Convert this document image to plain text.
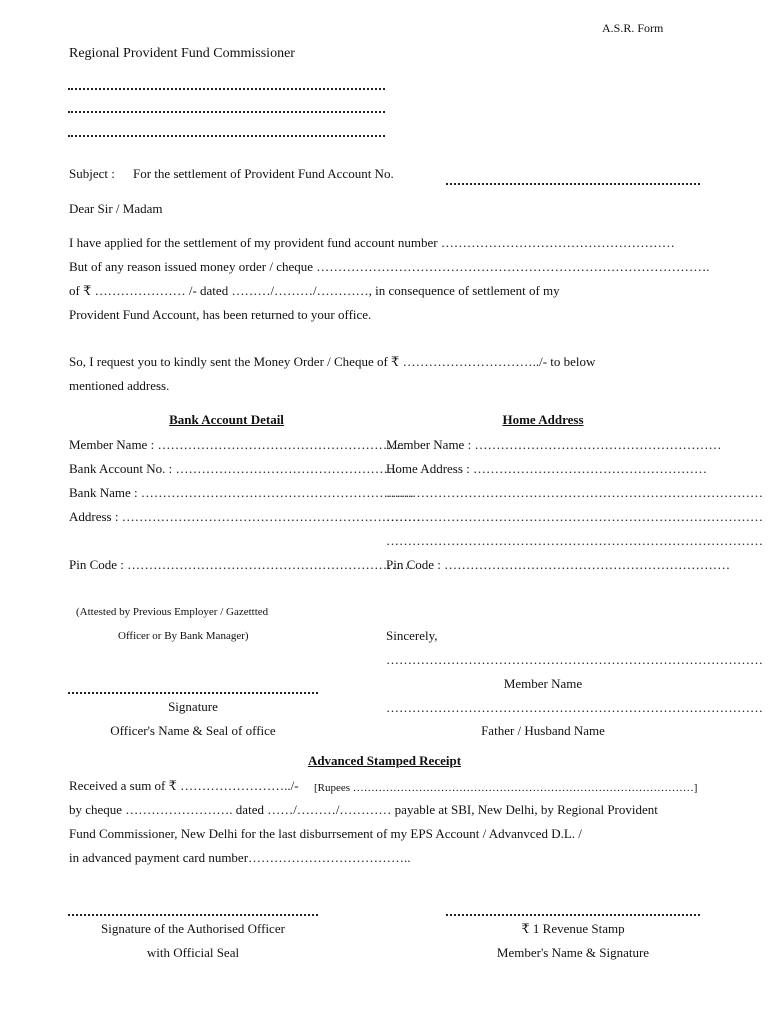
A.S.R. Form
Regional Provident Fund Commissioner
Subject : For the settlement of Provident Fund Account No.
Dear Sir / Madam
I have applied for the settlement of my provident fund account number ………………………………………………
But of any reason issued money order / cheque ……………………………………………………………………………….
of ₹ ………………… /- dated ………/………/…………, in consequence of settlement of my
Provident Fund Account, has been returned to your office.
So, I request you to kindly sent the Money Order / Cheque of ₹ …………………………../- to below
mentioned address.
Bank Account Detail
Member Name : …………………………………………………
Bank Account No. : ……………………………………………
Bank Name : ………………………………………………………
Address : ……………………………………………………………
Pin Code : …………………………………………………………
Home Address
Member Name : …………………………………………………
Home Address : ………………………………………………
……………………………………………………………………………
……………………………………………………………………………
……………………………………………………………………………
Pin Code : …………………………………………………………
(Attested by Previous Employer / Gazettted
Officer or By Bank Manager)	Sincerely,
……………………………………………………………………………
Member Name
……………………………………………………………………………
Father / Husband Name
Signature
Officer's Name & Seal of office
Advanced Stamped Receipt
Received a sum of ₹ ……………………../- [Rupees …………………………………………………………………………………]
by cheque ……………………. dated ……/………/………… payable at SBI, New Delhi, by Regional Provident
Fund Commissioner, New Delhi for the last disburrsement of my EPS Account / Advanvced D.L. /
in advanced payment card number………………………………..
Signature of the Authorised Officer
with Official Seal
₹ 1 Revenue Stamp
Member's Name & Signature
